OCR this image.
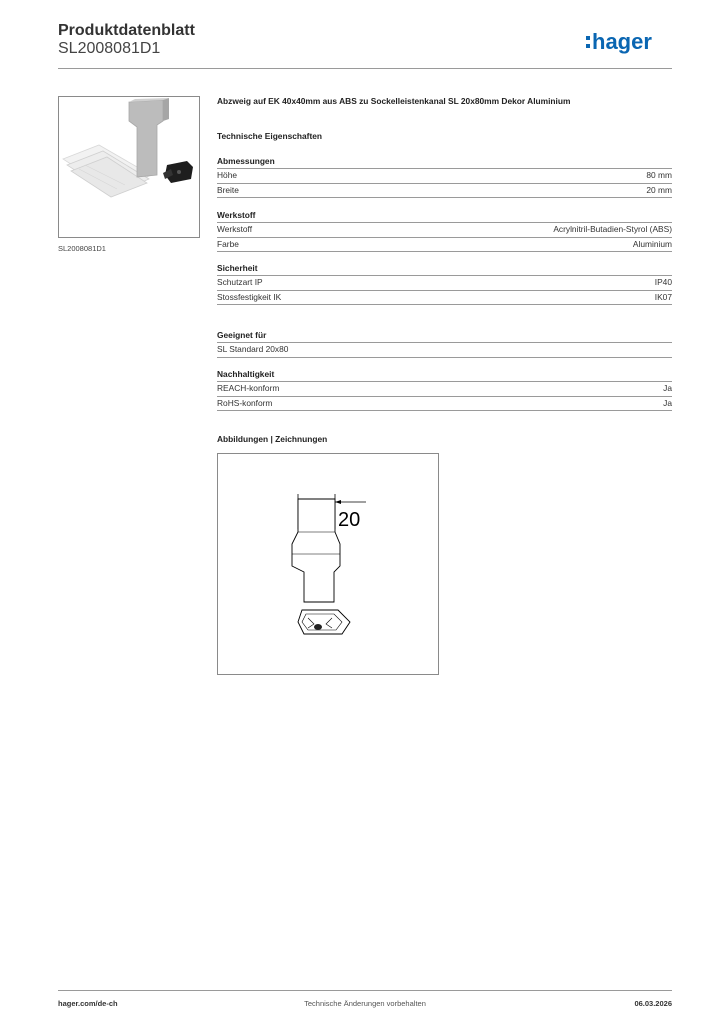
Produktdatenblatt
SL2008081D1	hager
SL2008081D1
Abzweig auf EK 40x40mm aus ABS zu Sockelleistenkanal SL 20x80mm Dekor Aluminium
Technische Eigenschaften
Abmessungen
Höhe	80 mm
Breite	20 mm
Werkstoff
Werkstoff	Acrylnitril-Butadien-Styrol (ABS)
Farbe	Aluminium
Sicherheit
Schutzart IP	IP40
Stossfestigkeit IK	IK07
Geeignet für
SL Standard 20x80
Nachhaltigkeit
REACH-konform	Ja
RoHS-konform	Ja
Abbildungen | Zeichnungen
20
hager.com/de-ch	Technische Änderungen vorbehalten	06.03.2026
